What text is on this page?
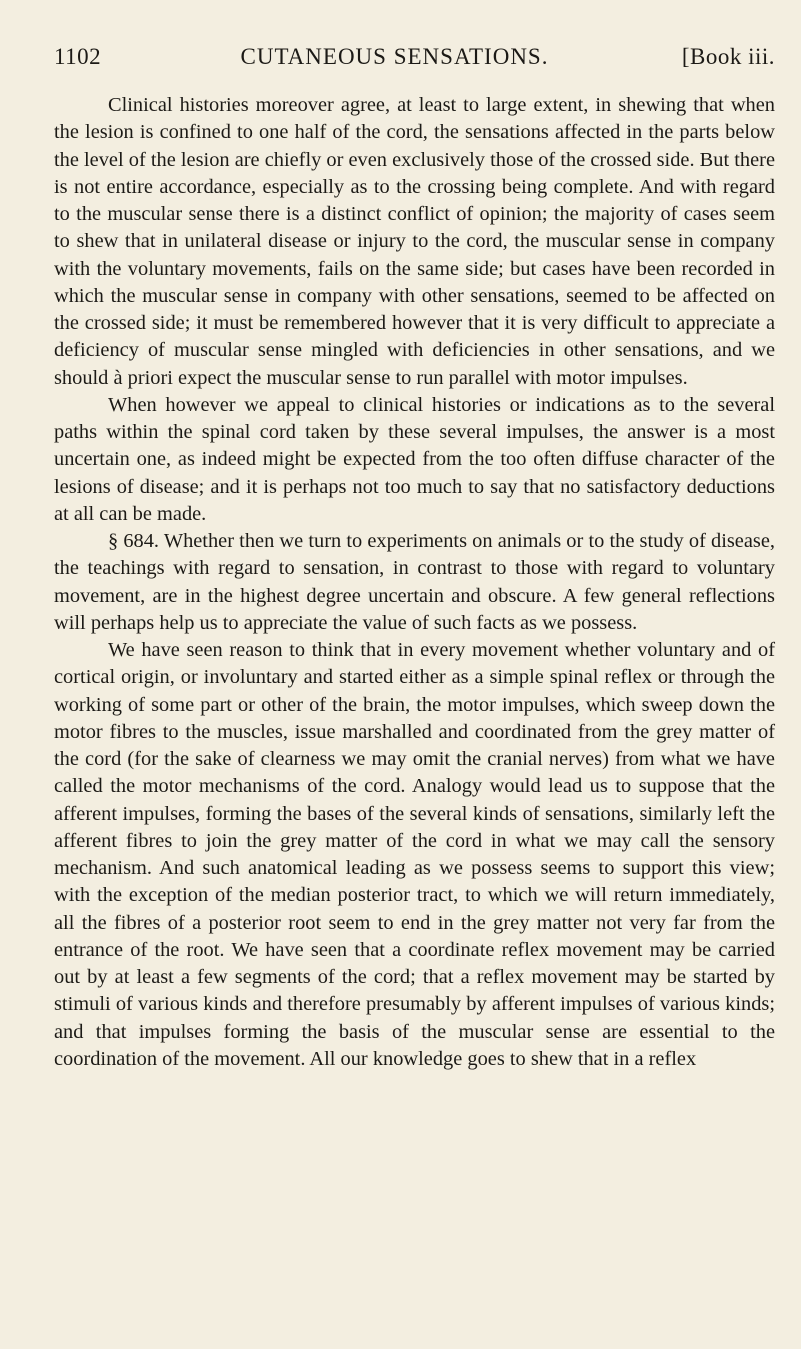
1102	CUTANEOUS SENSATIONS.	[Book iii.

Clinical histories moreover agree, at least to large extent, in shewing that when the lesion is confined to one half of the cord, the sensations affected in the parts below the level of the lesion are chiefly or even exclusively those of the crossed side. But there is not entire accordance, especially as to the crossing being complete. And with regard to the muscular sense there is a distinct conflict of opinion; the majority of cases seem to shew that in unilateral disease or injury to the cord, the muscular sense in company with the voluntary movements, fails on the same side; but cases have been recorded in which the muscular sense in company with other sensations, seemed to be affected on the crossed side; it must be remembered however that it is very difficult to appreciate a deficiency of muscular sense mingled with deficiencies in other sensations, and we should à priori expect the muscular sense to run parallel with motor impulses.

When however we appeal to clinical histories or indications as to the several paths within the spinal cord taken by these several impulses, the answer is a most uncertain one, as indeed might be expected from the too often diffuse character of the lesions of disease; and it is perhaps not too much to say that no satisfactory deductions at all can be made.

§ 684. Whether then we turn to experiments on animals or to the study of disease, the teachings with regard to sensation, in contrast to those with regard to voluntary movement, are in the highest degree uncertain and obscure. A few general reflections will perhaps help us to appreciate the value of such facts as we possess.

We have seen reason to think that in every movement whether voluntary and of cortical origin, or involuntary and started either as a simple spinal reflex or through the working of some part or other of the brain, the motor impulses, which sweep down the motor fibres to the muscles, issue marshalled and coordinated from the grey matter of the cord (for the sake of clearness we may omit the cranial nerves) from what we have called the motor mechanisms of the cord. Analogy would lead us to suppose that the afferent impulses, forming the bases of the several kinds of sensations, similarly left the afferent fibres to join the grey matter of the cord in what we may call the sensory mechanism. And such anatomical leading as we possess seems to support this view; with the exception of the median posterior tract, to which we will return immediately, all the fibres of a posterior root seem to end in the grey matter not very far from the entrance of the root. We have seen that a coordinate reflex movement may be carried out by at least a few segments of the cord; that a reflex movement may be started by stimuli of various kinds and therefore presumably by afferent impulses of various kinds; and that impulses forming the basis of the muscular sense are essential to the coordination of the movement. All our knowledge goes to shew that in a reflex
